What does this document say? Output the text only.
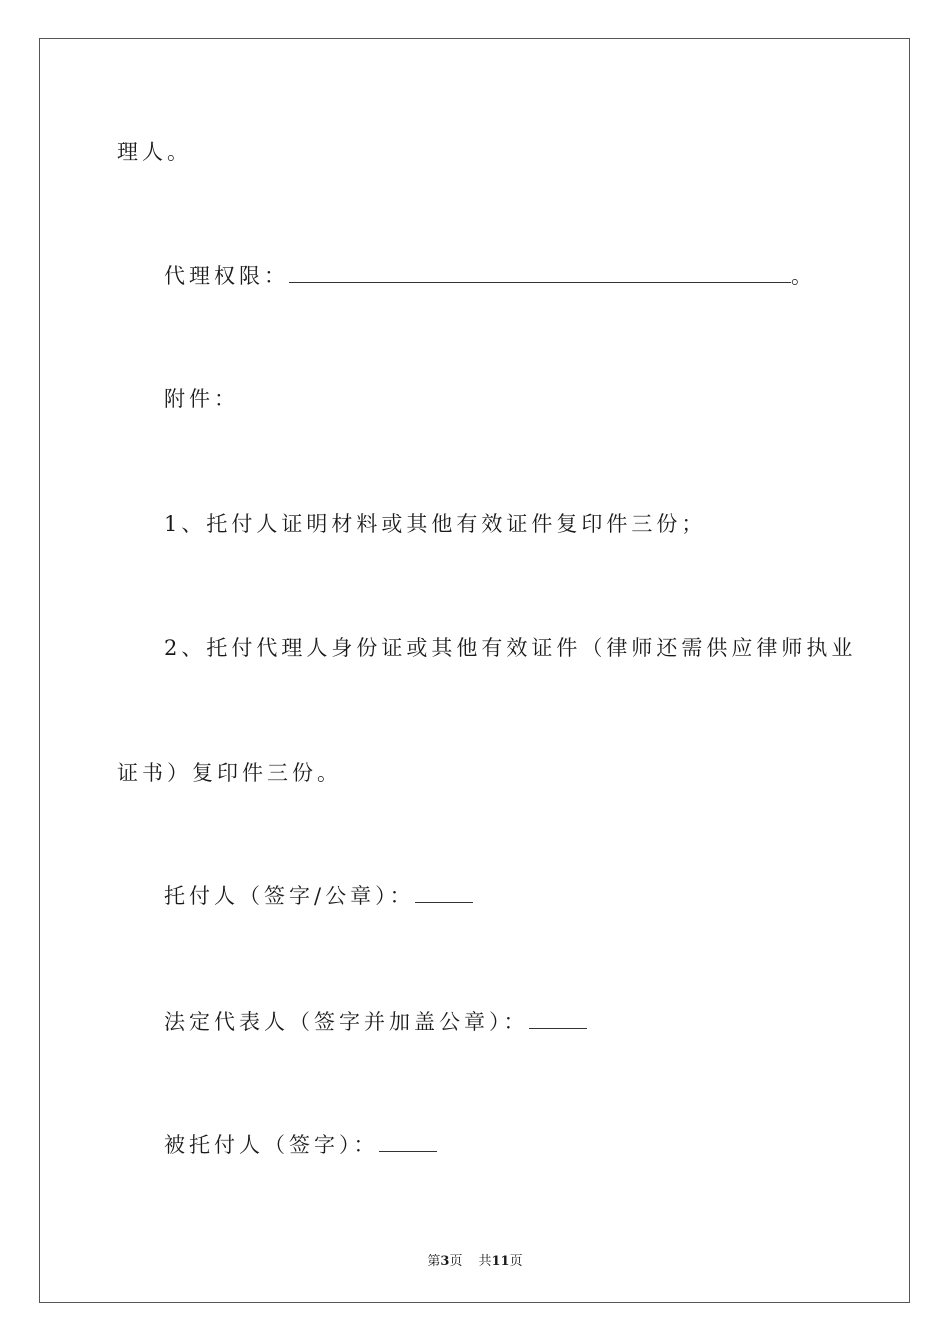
理人。
代理权限：	。
附件：
1、托付人证明材料或其他有效证件复印件三份；
2、托付代理人身份证或其他有效证件（律师还需供应律师执业
证书）复印件三份。
托付人（签字/公章）：
法定代表人（签字并加盖公章）：
被托付人（签字）：
第3页 共11页
